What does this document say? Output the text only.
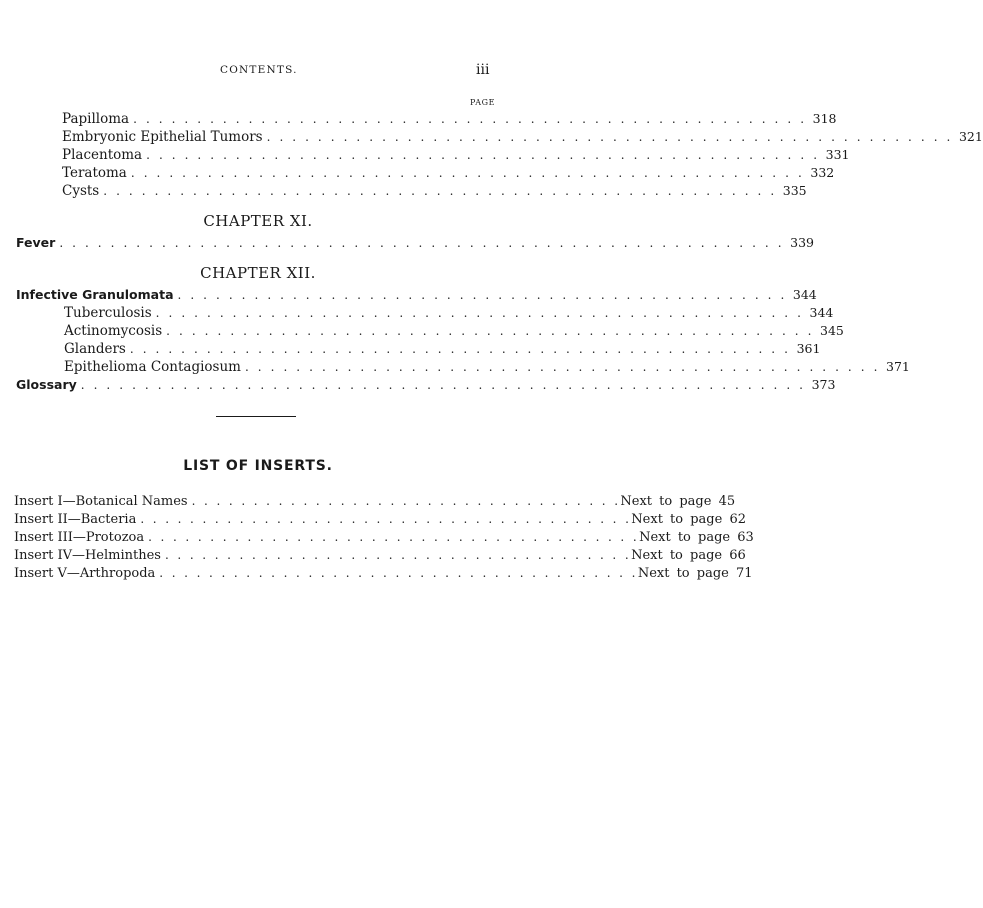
CONTENTS.	iii
PAGE
Papilloma . . . . . . . . . . . . . . . . . . . . . . . . . . . . . . . . . . . . . . . . . . . . . . . . . . . . . 318
Embryonic Epithelial Tumors . . . . . . . . . . . . . . . . . . . . . . . . . . . . . . . . . . . . . . . . . . . . . . . . . . . . . . 321
Placentoma . . . . . . . . . . . . . . . . . . . . . . . . . . . . . . . . . . . . . . . . . . . . . . . . . . . . . 331
Teratoma . . . . . . . . . . . . . . . . . . . . . . . . . . . . . . . . . . . . . . . . . . . . . . . . . . . . . 332
Cysts . . . . . . . . . . . . . . . . . . . . . . . . . . . . . . . . . . . . . . . . . . . . . . . . . . . . . 335
CHAPTER XI.
Fever . . . . . . . . . . . . . . . . . . . . . . . . . . . . . . . . . . . . . . . . . . . . . . . . . . . . . . . . . 339
CHAPTER XII.
Infective Granulomata . . . . . . . . . . . . . . . . . . . . . . . . . . . . . . . . . . . . . . . . . . . . . . . . 344
Tuberculosis . . . . . . . . . . . . . . . . . . . . . . . . . . . . . . . . . . . . . . . . . . . . . . . . . . . 344
Actinomycosis . . . . . . . . . . . . . . . . . . . . . . . . . . . . . . . . . . . . . . . . . . . . . . . . . . . 345
Glanders . . . . . . . . . . . . . . . . . . . . . . . . . . . . . . . . . . . . . . . . . . . . . . . . . . . . 361
Epithelioma Contagiosum . . . . . . . . . . . . . . . . . . . . . . . . . . . . . . . . . . . . . . . . . . . . . . . . . . 371
Glossary . . . . . . . . . . . . . . . . . . . . . . . . . . . . . . . . . . . . . . . . . . . . . . . . . . . . . . . . . 373
LIST OF INSERTS.
Insert I—Botanical Names . . . . . . . . . . . . . . . . . . . . . . . . . . . . . . . . . . . Next to page 45
Insert II—Bacteria . . . . . . . . . . . . . . . . . . . . . . . . . . . . . . . . . . . . . . . . Next to page 62
Insert III—Protozoa . . . . . . . . . . . . . . . . . . . . . . . . . . . . . . . . . . . . . . . . Next to page 63
Insert IV—Helminthes . . . . . . . . . . . . . . . . . . . . . . . . . . . . . . . . . . . . . . Next to page 66
Insert V—Arthropoda . . . . . . . . . . . . . . . . . . . . . . . . . . . . . . . . . . . . . . . Next to page 71
